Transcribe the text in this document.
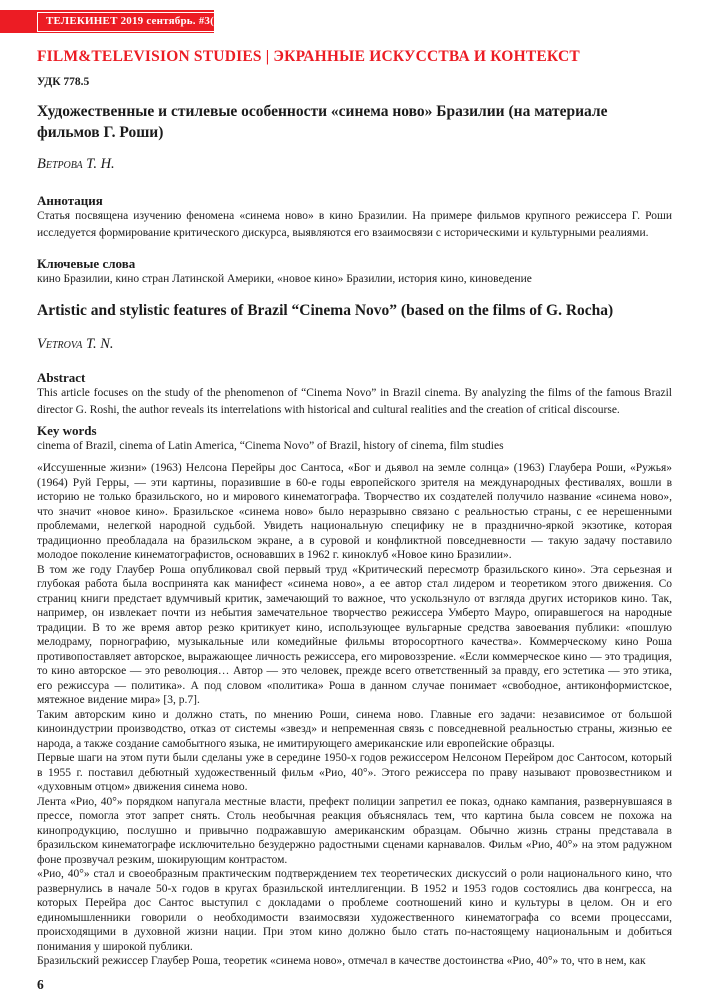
ТЕЛЕКИНЕТ 2019 сентябрь. #3(8)
FILM&TELEVISION STUDIES | ЭКРАННЫЕ ИСКУССТВА И КОНТЕКСТ
УДК 778.5
Художественные и стилевые особенности «синема ново» Бразилии (на материале фильмов Г. Роши)
Ветрова Т. Н.
Аннотация

Статья посвящена изучению феномена «синема ново» в кино Бразилии. На примере фильмов крупного режиссера Г. Роши исследуется формирование критического дискурса, выявляются его взаимосвязи с историческими и культурными реалиями.

Ключевые слова

кино Бразилии, кино стран Латинской Америки, «новое кино» Бразилии, история кино, киноведение

Artistic and stylistic features of Brazil “Cinema Novo” (based on the films of G. Rocha)
Vetrova T. N.
Abstract

This article focuses on the study of the phenomenon of “Cinema Novo” in Brazil cinema. By analyzing the films of the famous Brazil director G. Roshi, the author reveals its interrelations with historical and cultural realities and the creation of critical discourse.

Key words

cinema of Brazil, cinema of Latin America, “Cinema Novo” of Brazil, history of cinema, film studies

«Иссушенные жизни» (1963) Нелсона Перейры дос Сантоса, «Бог и дьявол на земле солнца» (1963) Глаубера Роши, «Ружья» (1964) Руй Герры, — эти картины, поразившие в 60-е годы европейского зрителя на международных фестивалях, вошли в историю не только бразильского, но и мирового кинематографа. Творчество их создателей получило название «синема ново», что значит «новое кино». Бразильское «синема ново» было неразрывно связано с реальностью страны, с ее нерешенными проблемами, нелегкой народной судьбой. Увидеть национальную специфику не в празднично-яркой экзотике, которая традиционно преобладала на бразильском экране, а в суровой и конфликтной повседневности — такую задачу поставило молодое поколение кинематографистов, основавших в 1962 г. киноклуб «Новое кино Бразилии».

В том же году Глаубер Роша опубликовал свой первый труд «Критический пересмотр бразильского кино». Эта серьезная и глубокая работа была воспринята как манифест «синема ново», а ее автор стал лидером и теоретиком этого движения. Со страниц книги предстает вдумчивый критик, замечающий то важное, что ускользнуло от взгляда других историков кино. Так, например, он извлекает почти из небытия замечательное творчество режиссера Умберто Мауро, опиравшегося на народные традиции. В то же время автор резко критикует кино, использующее вульгарные средства завоевания публики: «пошлую мелодраму, порнографию, музыкальные или комедийные фильмы второсортного качества». Коммерческому кино Роша противопоставляет авторское, выражающее личность режиссера, его мировоззрение. «Если коммерческое кино — это традиция, то кино авторское — это революция… Автор — это человек, прежде всего ответственный за правду, его эстетика — это этика, его режиссура — политика». А под словом «политика» Роша в данном случае понимает «свободное, антиконформистское, мятежное видение мира» [3, p.7].

Таким авторским кино и должно стать, по мнению Роши, синема ново. Главные его задачи: независимое от большой киноиндустрии производство, отказ от системы «звезд» и непременная связь с повседневной реальностью страны, жизнью ее народа, а также создание самобытного языка, не имитирующего американские или европейские образцы.

Первые шаги на этом пути были сделаны уже в середине 1950-х годов режиссером Нелсоном Перейром дос Сантосом, который в 1955 г. поставил дебютный художественный фильм «Рио, 40°». Этого режиссера по праву называют провозвестником и «духовным отцом» движения синема ново.

Лента «Рио, 40°» порядком напугала местные власти, префект полиции запретил ее показ, однако кампания, развернувшаяся в прессе, помогла этот запрет снять. Столь необычная реакция объяснялась тем, что картина была совсем не похожа на кинопродукцию, послушно и привычно подражавшую американским образцам. Обычно жизнь страны представала в бразильском кинематографе исключительно безудержно радостными сценами карнавалов. Фильм «Рио, 40°» на этом радужном фоне прозвучал резким, шокирующим контрастом.

«Рио, 40°» стал и своеобразным практическим подтверждением тех теоретических дискуссий о роли национального кино, что развернулись в начале 50-х годов в кругах бразильской интеллигенции. В 1952 и 1953 годов состоялись два конгресса, на которых Перейра дос Сантос выступил с докладами о проблеме соотношений кино и культуры в целом. Он и его единомышленники говорили о необходимости взаимосвязи художественного кинематографа со всеми процессами, происходящими в духовной жизни нации. При этом кино должно было стать по-настоящему национальным и добиться понимания у широкой публики.

Бразильский режиссер Глаубер Роша, теоретик «синема ново», отмечал в качестве достоинства «Рио, 40°» то, что в нем, как

6
